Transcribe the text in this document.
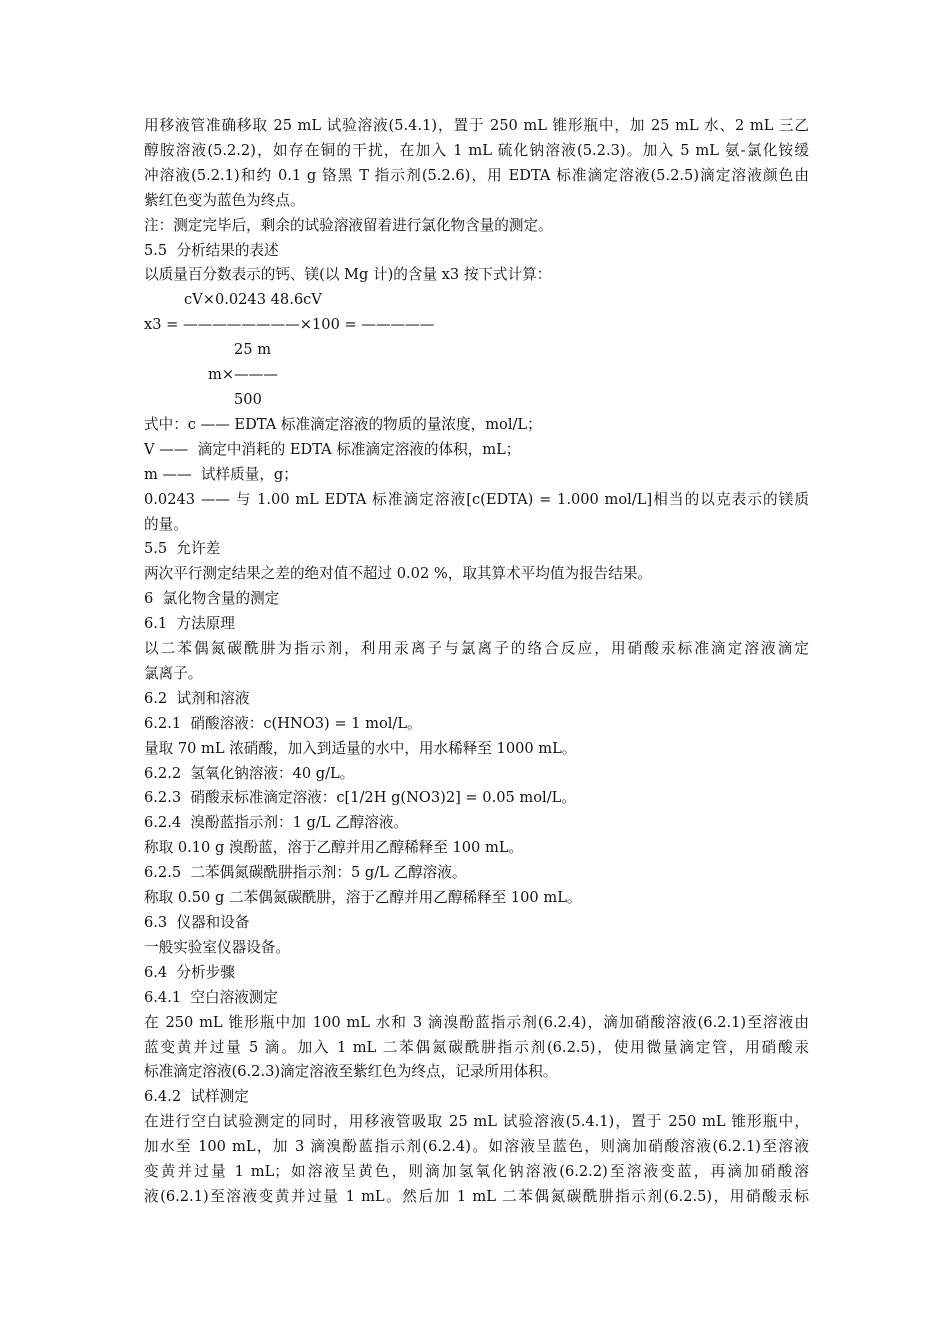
用移液管准确移取 25 mL 试验溶液(5.4.1)，置于 250 mL 锥形瓶中，加 25 mL 水、2 mL 三乙
醇胺溶液(5.2.2)，如存在铜的干扰，在加入 1 mL 硫化钠溶液(5.2.3)。加入 5 mL 氨-氯化铵缓
冲溶液(5.2.1)和约 0.1 g 铬黑 T 指示剂(5.2.6)，用 EDTA 标准滴定溶液(5.2.5)滴定溶液颜色由
紫红色变为蓝色为终点。
注：测定完毕后，剩余的试验溶液留着进行氯化物含量的测定。
5.5  分析结果的表述
以质量百分数表示的钙、镁(以 Mg 计)的含量 x3 按下式计算：
cV×0.0243 48.6cV
x3 = ————————×100 = —————
25 m
m×———
500
式中：c —— EDTA 标准滴定溶液的物质的量浓度，mol/L；
V ——  滴定中消耗的 EDTA 标准滴定溶液的体积，mL；
m ——  试样质量，g；
0.0243 —— 与 1.00 mL EDTA 标准滴定溶液[c(EDTA) = 1.000 mol/L]相当的以克表示的镁质
的量。
5.5  允许差
两次平行测定结果之差的绝对值不超过 0.02 %，取其算术平均值为报告结果。
6  氯化物含量的测定
6.1  方法原理
以二苯偶氮碳酰肼为指示剂，利用汞离子与氯离子的络合反应，用硝酸汞标准滴定溶液滴定
氯离子。
6.2  试剂和溶液
6.2.1  硝酸溶液：c(HNO3) = 1 mol/L。
量取 70 mL 浓硝酸，加入到适量的水中，用水稀释至 1000 mL。
6.2.2  氢氧化钠溶液：40 g/L。
6.2.3  硝酸汞标准滴定溶液：c[1/2H g(NO3)2] = 0.05 mol/L。
6.2.4  溴酚蓝指示剂：1 g/L 乙醇溶液。
称取 0.10 g 溴酚蓝，溶于乙醇并用乙醇稀释至 100 mL。
6.2.5  二苯偶氮碳酰肼指示剂：5 g/L 乙醇溶液。
称取 0.50 g 二苯偶氮碳酰肼，溶于乙醇并用乙醇稀释至 100 mL。
6.3  仪器和设备
一般实验室仪器设备。
6.4  分析步骤
6.4.1  空白溶液测定
在 250 mL 锥形瓶中加 100 mL 水和 3 滴溴酚蓝指示剂(6.2.4)，滴加硝酸溶液(6.2.1)至溶液由
蓝变黄并过量 5 滴。加入 1 mL 二苯偶氮碳酰肼指示剂(6.2.5)，使用微量滴定管，用硝酸汞
标准滴定溶液(6.2.3)滴定溶液至紫红色为终点，记录所用体积。
6.4.2  试样测定
在进行空白试验测定的同时，用移液管吸取 25 mL 试验溶液(5.4.1)，置于 250 mL 锥形瓶中，
加水至 100 mL，加 3 滴溴酚蓝指示剂(6.2.4)。如溶液呈蓝色，则滴加硝酸溶液(6.2.1)至溶液
变黄并过量 1 mL；如溶液呈黄色，则滴加氢氧化钠溶液(6.2.2)至溶液变蓝，再滴加硝酸溶
液(6.2.1)至溶液变黄并过量 1 mL。然后加 1 mL 二苯偶氮碳酰肼指示剂(6.2.5)，用硝酸汞标
